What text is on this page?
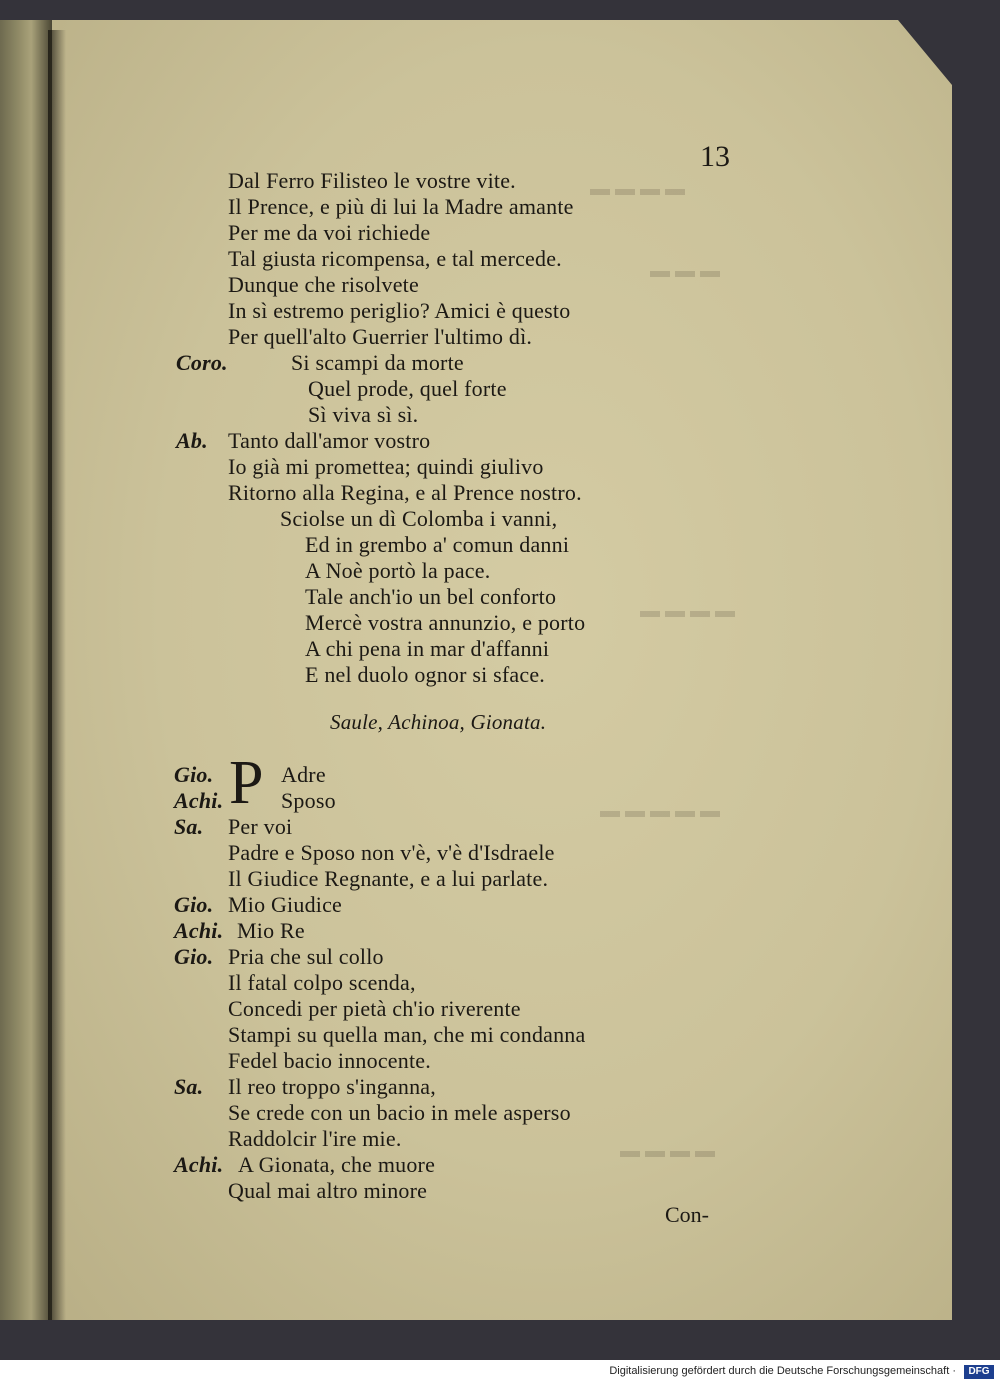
▬ ▬ ▬ ▬
▬ ▬ ▬
▬ ▬ ▬ ▬
▬ ▬ ▬ ▬ ▬
▬ ▬ ▬ ▬
13
Dal Ferro Filisteo le vostre vite.
Il Prence, e più di lui la Madre amante
Per me da voi richiede
Tal giusta ricompensa, e tal mercede.
Dunque che risolvete
In sì estremo periglio? Amici è questo
Per quell'alto Guerrier l'ultimo dì.
Coro.	Si scampi da morte
Quel prode, quel forte
Sì viva sì sì.
Ab. Tanto dall'amor vostro
Io già mi promettea; quindi giulivo
Ritorno alla Regina, e al Prence nostro.
Sciolse un dì Colomba i vanni,
Ed in grembo a' comun danni
A Noè portò la pace.
Tale anch'io un bel conforto
Mercè vostra annunzio, e porto
A chi pena in mar d'affanni
E nel duolo ognor si sface.
Saule, Achinoa, Gionata.
P
Gio.	Adre
Achi.	Sposo
Sa. Per voi
Padre e Sposo non v'è, v'è d'Isdraele
Il Giudice Regnante, e a lui parlate.
Gio. Mio Giudice
Achi. Mio Re
Gio. Pria che sul collo
Il fatal colpo scenda,
Concedi per pietà ch'io riverente
Stampi su quella man, che mi condanna
Fedel bacio innocente.
Sa. Il reo troppo s'inganna,
Se crede con un bacio in mele asperso
Raddolcir l'ire mie.
Achi. A Gionata, che muore
Qual mai altro minore
Con-
Digitalisierung gefördert durch die Deutsche Forschungsgemeinschaft ·	DFG
